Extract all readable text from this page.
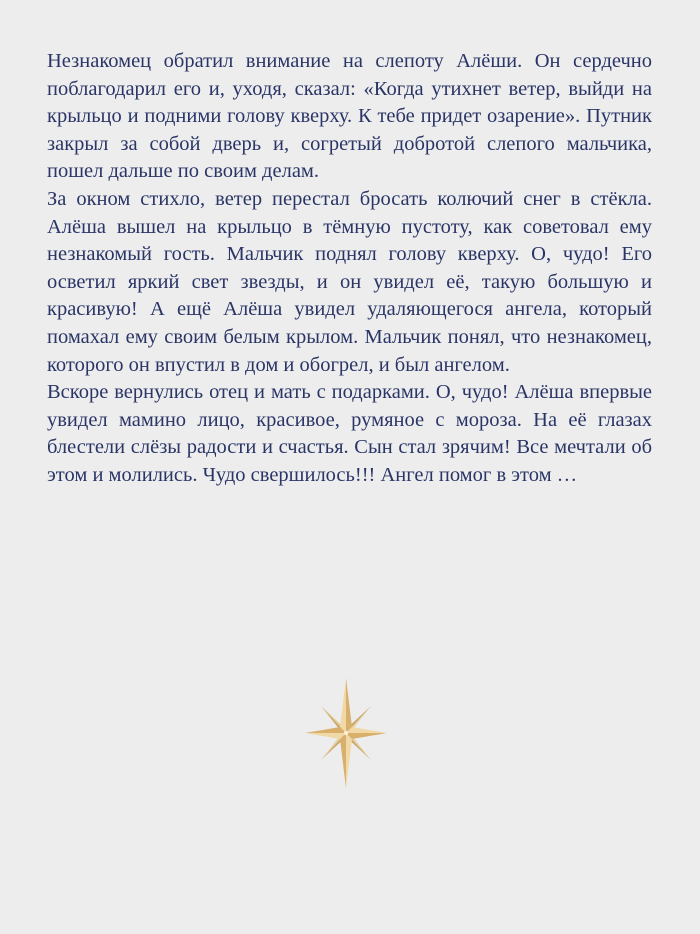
Незнакомец обратил внимание на слепоту Алёши. Он сердечно поблагодарил его и, уходя, сказал: «Когда утихнет ветер, выйди на крыльцо и подними голову кверху. К тебе придет озарение». Путник закрыл за собой дверь и, согретый добротой слепого мальчика, пошел дальше по своим делам.

За окном стихло, ветер перестал бросать колючий снег в стёкла. Алёша вышел на крыльцо в тёмную пустоту, как советовал ему незнакомый гость. Мальчик поднял голову кверху. О, чудо! Его осветил яркий свет звезды, и он увидел её, такую большую и красивую! А ещё Алёша увидел удаляющегося ангела, который помахал ему своим белым крылом. Мальчик понял, что незнакомец, которого он впустил в дом и обогрел, и был ангелом.

Вскоре вернулись отец и мать с подарками. О, чудо! Алёша впервые увидел мамино лицо, красивое, румяное с мороза. На её глазах блестели слёзы радости и счастья. Сын стал зрячим! Все мечтали об этом и молились. Чудо свершилось!!! Ангел помог в этом …
